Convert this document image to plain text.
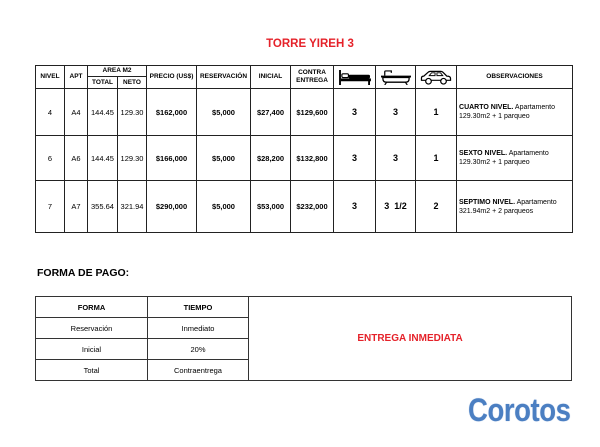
TORRE YIREH 3
NIVEL	APT	AREA M2		PRECIO (US$)	RESERVACIÓN	INICIAL	CONTRA ENTREGA				OBSERVACIONES
		TOTAL	NETO								
4	A4	144.45	129.30	$162,000	$5,000	$27,400	$129,600	3	3	1	CUARTO NIVEL. Apartamento 129.30m2 + 1 parqueo
6	A6	144.45	129.30	$166,000	$5,000	$28,200	$132,800	3	3	1	SEXTO NIVEL. Apartamento 129.30m2 + 1 parqueo
7	A7	355.64	321.94	$290,000	$5,000	$53,000	$232,000	3	3  1/2	2	SEPTIMO NIVEL. Apartamento 321.94m2 + 2 parqueos
FORMA DE PAGO:
FORMA	TIEMPO	ENTREGA INMEDIATA
Reservación	Inmediato	
Inicial	20%	
Total	Contraentrega	
Corotos
